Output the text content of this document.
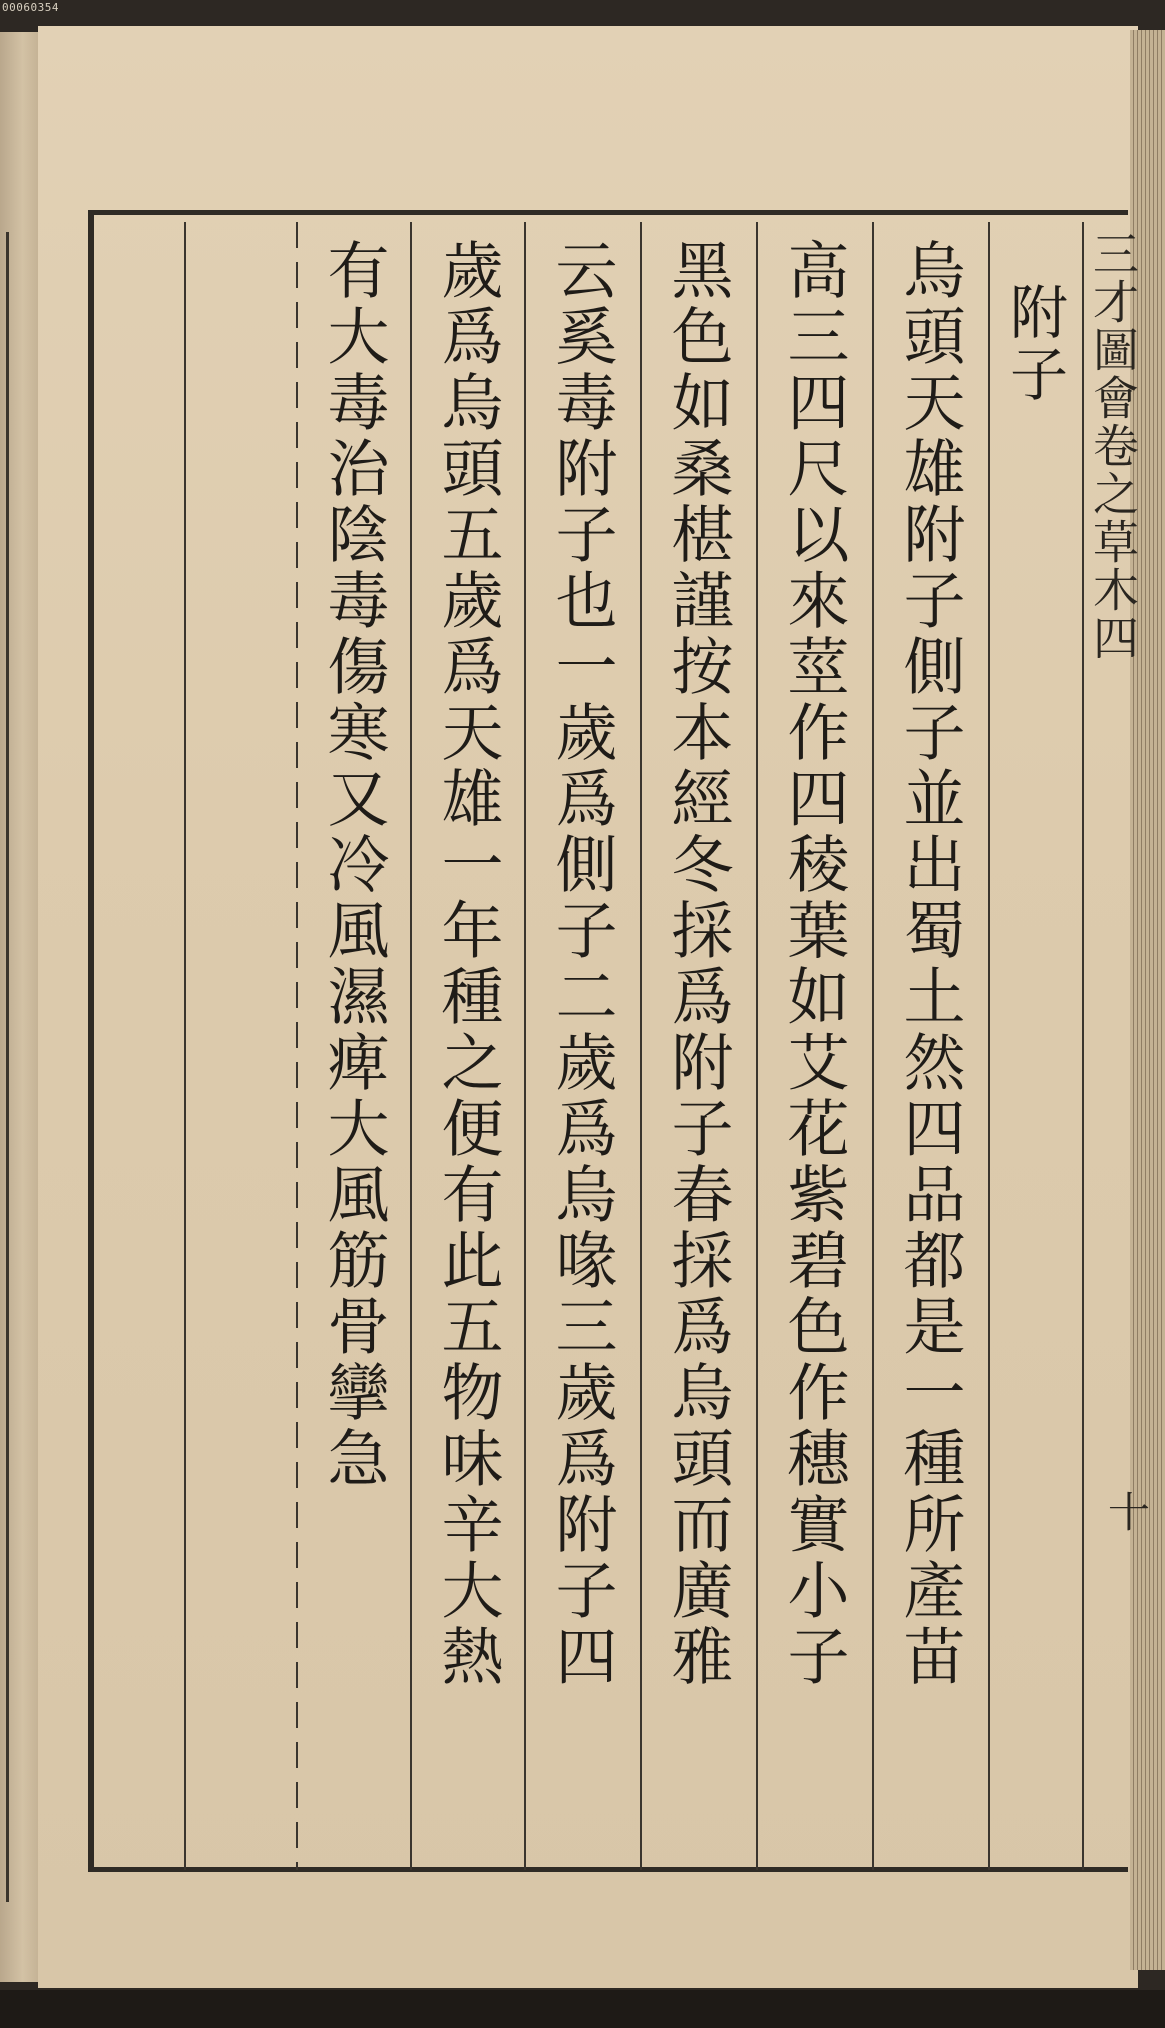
00060354
附子
烏頭天雄附子側子並出蜀土然四品都是一種所產苗
高三四尺以來莖作四稜葉如艾花紫碧色作穗實小子
黑色如桑椹謹按本經冬採爲附子春採爲烏頭而廣雅
云奚毒附子也一歲爲側子二歲爲烏喙三歲爲附子四
歲爲烏頭五歲爲天雄一年種之便有此五物味辛大熱
有大毒治陰毒傷寒又冷風濕痺大風筋骨攣急	三才圖會卷之草木四
十
